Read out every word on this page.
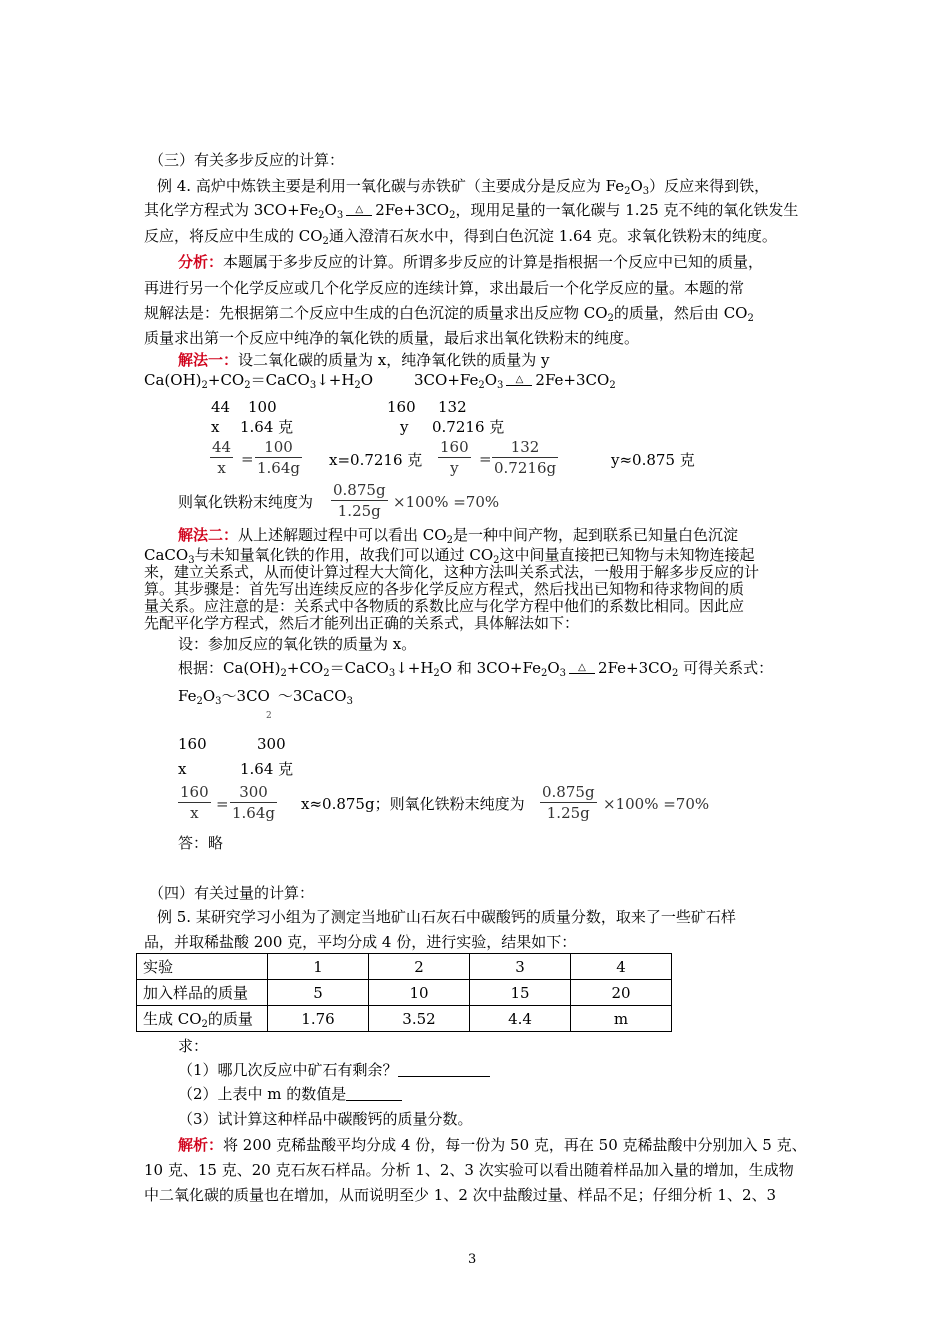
（三）有关多步反应的计算：
例 4. 高炉中炼铁主要是利用一氧化碳与赤铁矿（主要成分是反应为 $Fe_2O_3$）反应来得到铁，
其化学方程式为 $3CO+Fe_2O_3\triangle$ $2Fe+3CO_2$，现用足量的一氧化碳与 1.25 克不纯的氧化铁发生
反应，将反应中生成的 $CO_2$通入澄清石灰水中，得到白色沉淀 1.64 克。求氧化铁粉末的纯度。
分析：本题属于多步反应的计算。所谓多步反应的计算是指根据一个反应中已知的质量，
再进行另一个化学反应或几个化学反应的连续计算，求出最后一个化学反应的量。本题的常
规解法是：先根据第二个反应中生成的白色沉淀的质量求出反应物 $CO_2$的质量，然后由 $CO_2$
质量求出第一个反应中纯净的氧化铁的质量，最后求出氧化铁粉末的纯度。
解法一：设二氧化碳的质量为 x，纯净氧化铁的质量为 y
$Ca(OH)_2+CO_2=CaCO_3↓+H_2O$	$3CO+Fe_2O_3\triangle$ $2Fe+3CO_2$
44 100	160 132
x 1.64 克	y 0.7216 克
44
x =
100
1.64g x=0.7216 克
160
y =
132
0.7216g	y≈0.875 克
则氧化铁粉末纯度为
0.875g
1.25g ×100% =70%
解法二：从上述解题过程中可以看出 $CO_2$是一种中间产物，起到联系已知量白色沉淀
CaCO$_3$与未知量氧化铁的作用，故我们可以通过 $CO_2$这中间量直接把已知物与未知物连接起
来，建立关系式，从而使计算过程大大简化，这种方法叫关系式法，一般用于解多步反应的计
算。其步骤是：首先写出连续反应的各步化学反应方程式，然后找出已知物和待求物间的质
量关系。应注意的是：关系式中各物质的系数比应与化学方程中他们的系数比相同。因此应
先配平化学方程式，然后才能列出正确的关系式，具体解法如下：
设：参加反应的氧化铁的质量为 x。
根据：$Ca(OH)_2+CO_2=CaCO_3↓+H_2O$ 和 $3CO+Fe_2O_3\triangle$ $2Fe+3CO_2$ 可得关系式：
$Fe_2O_3\sim 3CO$ ～3CaCO$_3$
2
160	300
x	1.64 克
160
x =
300
1.64g x≈0.875g；则氧化铁粉末纯度为
0.875g
1.25g ×100% =70%
答：略
（四）有关过量的计算：
例 5. 某研究学习小组为了测定当地矿山石灰石中碳酸钙的质量分数，取来了一些矿石样
品，并取稀盐酸 200 克，平均分成 4 份，进行实验，结果如下：
实验	1	2	3	4
加入样品的质量	5	10	15	20
生成 $CO_2$的质量	1.76	3.52	4.4	m
求：
（1）哪几次反应中矿石有剩余？
（2）上表中 m 的数值是
（3）试计算这种样品中碳酸钙的质量分数。
解析：将 200 克稀盐酸平均分成 4 份，每一份为 50 克，再在 50 克稀盐酸中分别加入 5 克、
10 克、15 克、20 克石灰石样品。分析 1、2、3 次实验可以看出随着样品加入量的增加，生成物
中二氧化碳的质量也在增加，从而说明至少 1、2 次中盐酸过量、样品不足；仔细分析 1、2、3
3
